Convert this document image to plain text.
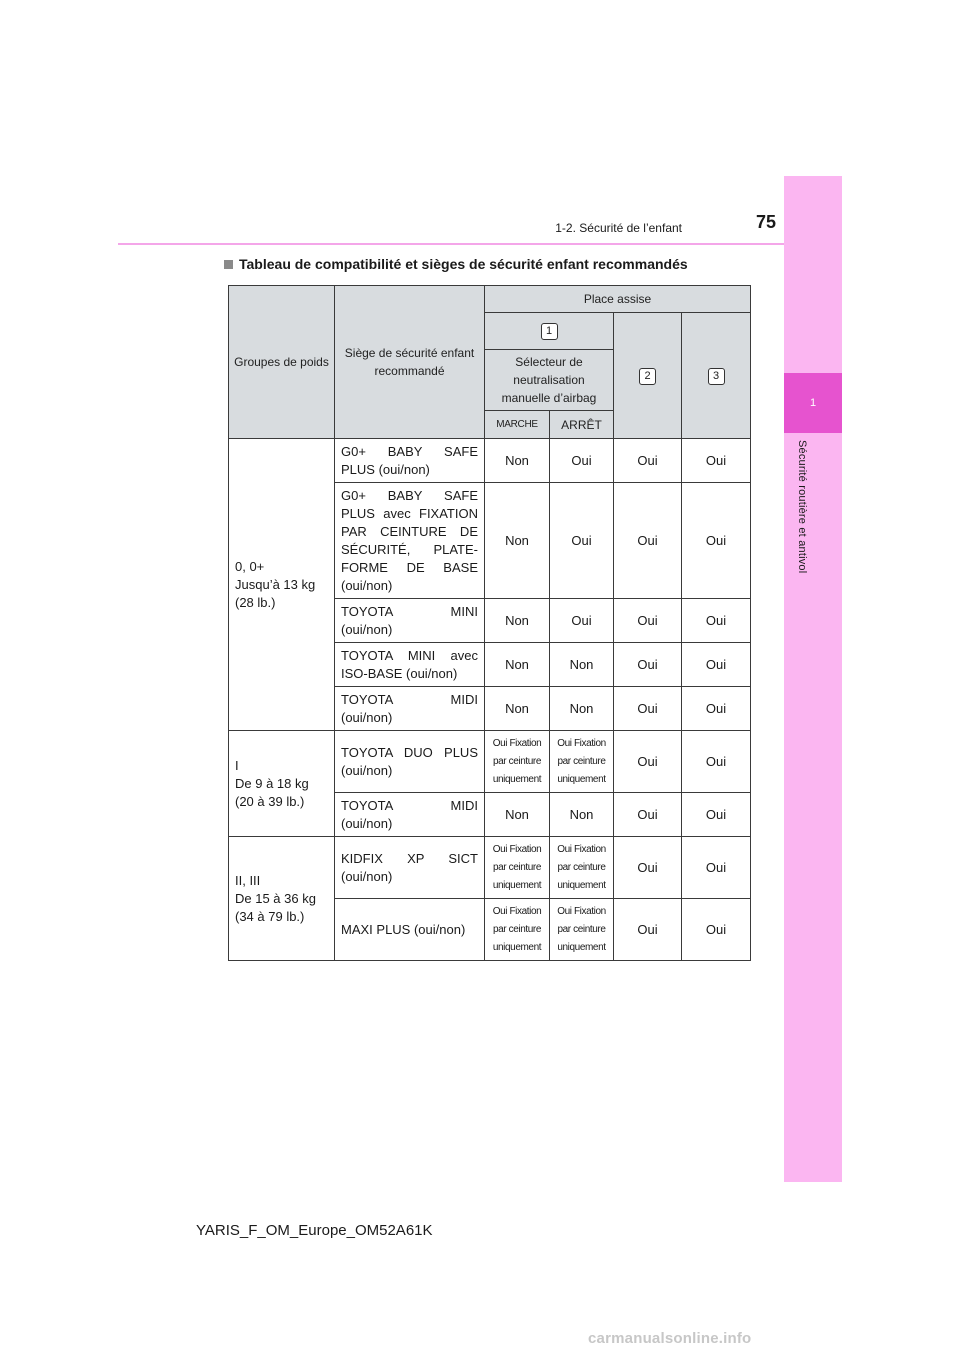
1
Sécurité routière et antivol
1-2. Sécurité de l’enfant	75
Tableau de compatibilité et sièges de sécurité enfant recommandés
Groupes de poids	Siège de sécurité enfant recommandé	Place assise			
		1		2	3
		Sélecteur de neutralisation manuelle d’airbag			
		MARCHE	ARRÊT		
0, 0+
Jusqu’à 13 kg
(28 lb.)	G0+ BABY SAFE PLUS (oui/non)	Non	Oui	Oui	Oui
	G0+ BABY SAFE PLUS avec FIXATION PAR CEINTURE DE SÉCURITÉ, PLATE-FORME DE BASE (oui/non)	Non	Oui	Oui	Oui
	TOYOTA MINI (oui/non)	Non	Oui	Oui	Oui
	TOYOTA MINI avec ISO-BASE (oui/non)	Non	Non	Oui	Oui
	TOYOTA MIDI (oui/non)	Non	Non	Oui	Oui
I
De 9 à 18 kg
(20 à 39 lb.)	TOYOTA DUO PLUS (oui/non)	Oui Fixation par ceinture uniquement	Oui Fixation par ceinture uniquement	Oui	Oui
	TOYOTA MIDI (oui/non)	Non	Non	Oui	Oui
II, III
De 15 à 36 kg
(34 à 79 lb.)	KIDFIX XP SICT (oui/non)	Oui Fixation par ceinture uniquement	Oui Fixation par ceinture uniquement	Oui	Oui
	MAXI PLUS (oui/non)	Oui Fixation par ceinture uniquement	Oui Fixation par ceinture uniquement	Oui	Oui
YARIS_F_OM_Europe_OM52A61K
carmanualsonline.info
